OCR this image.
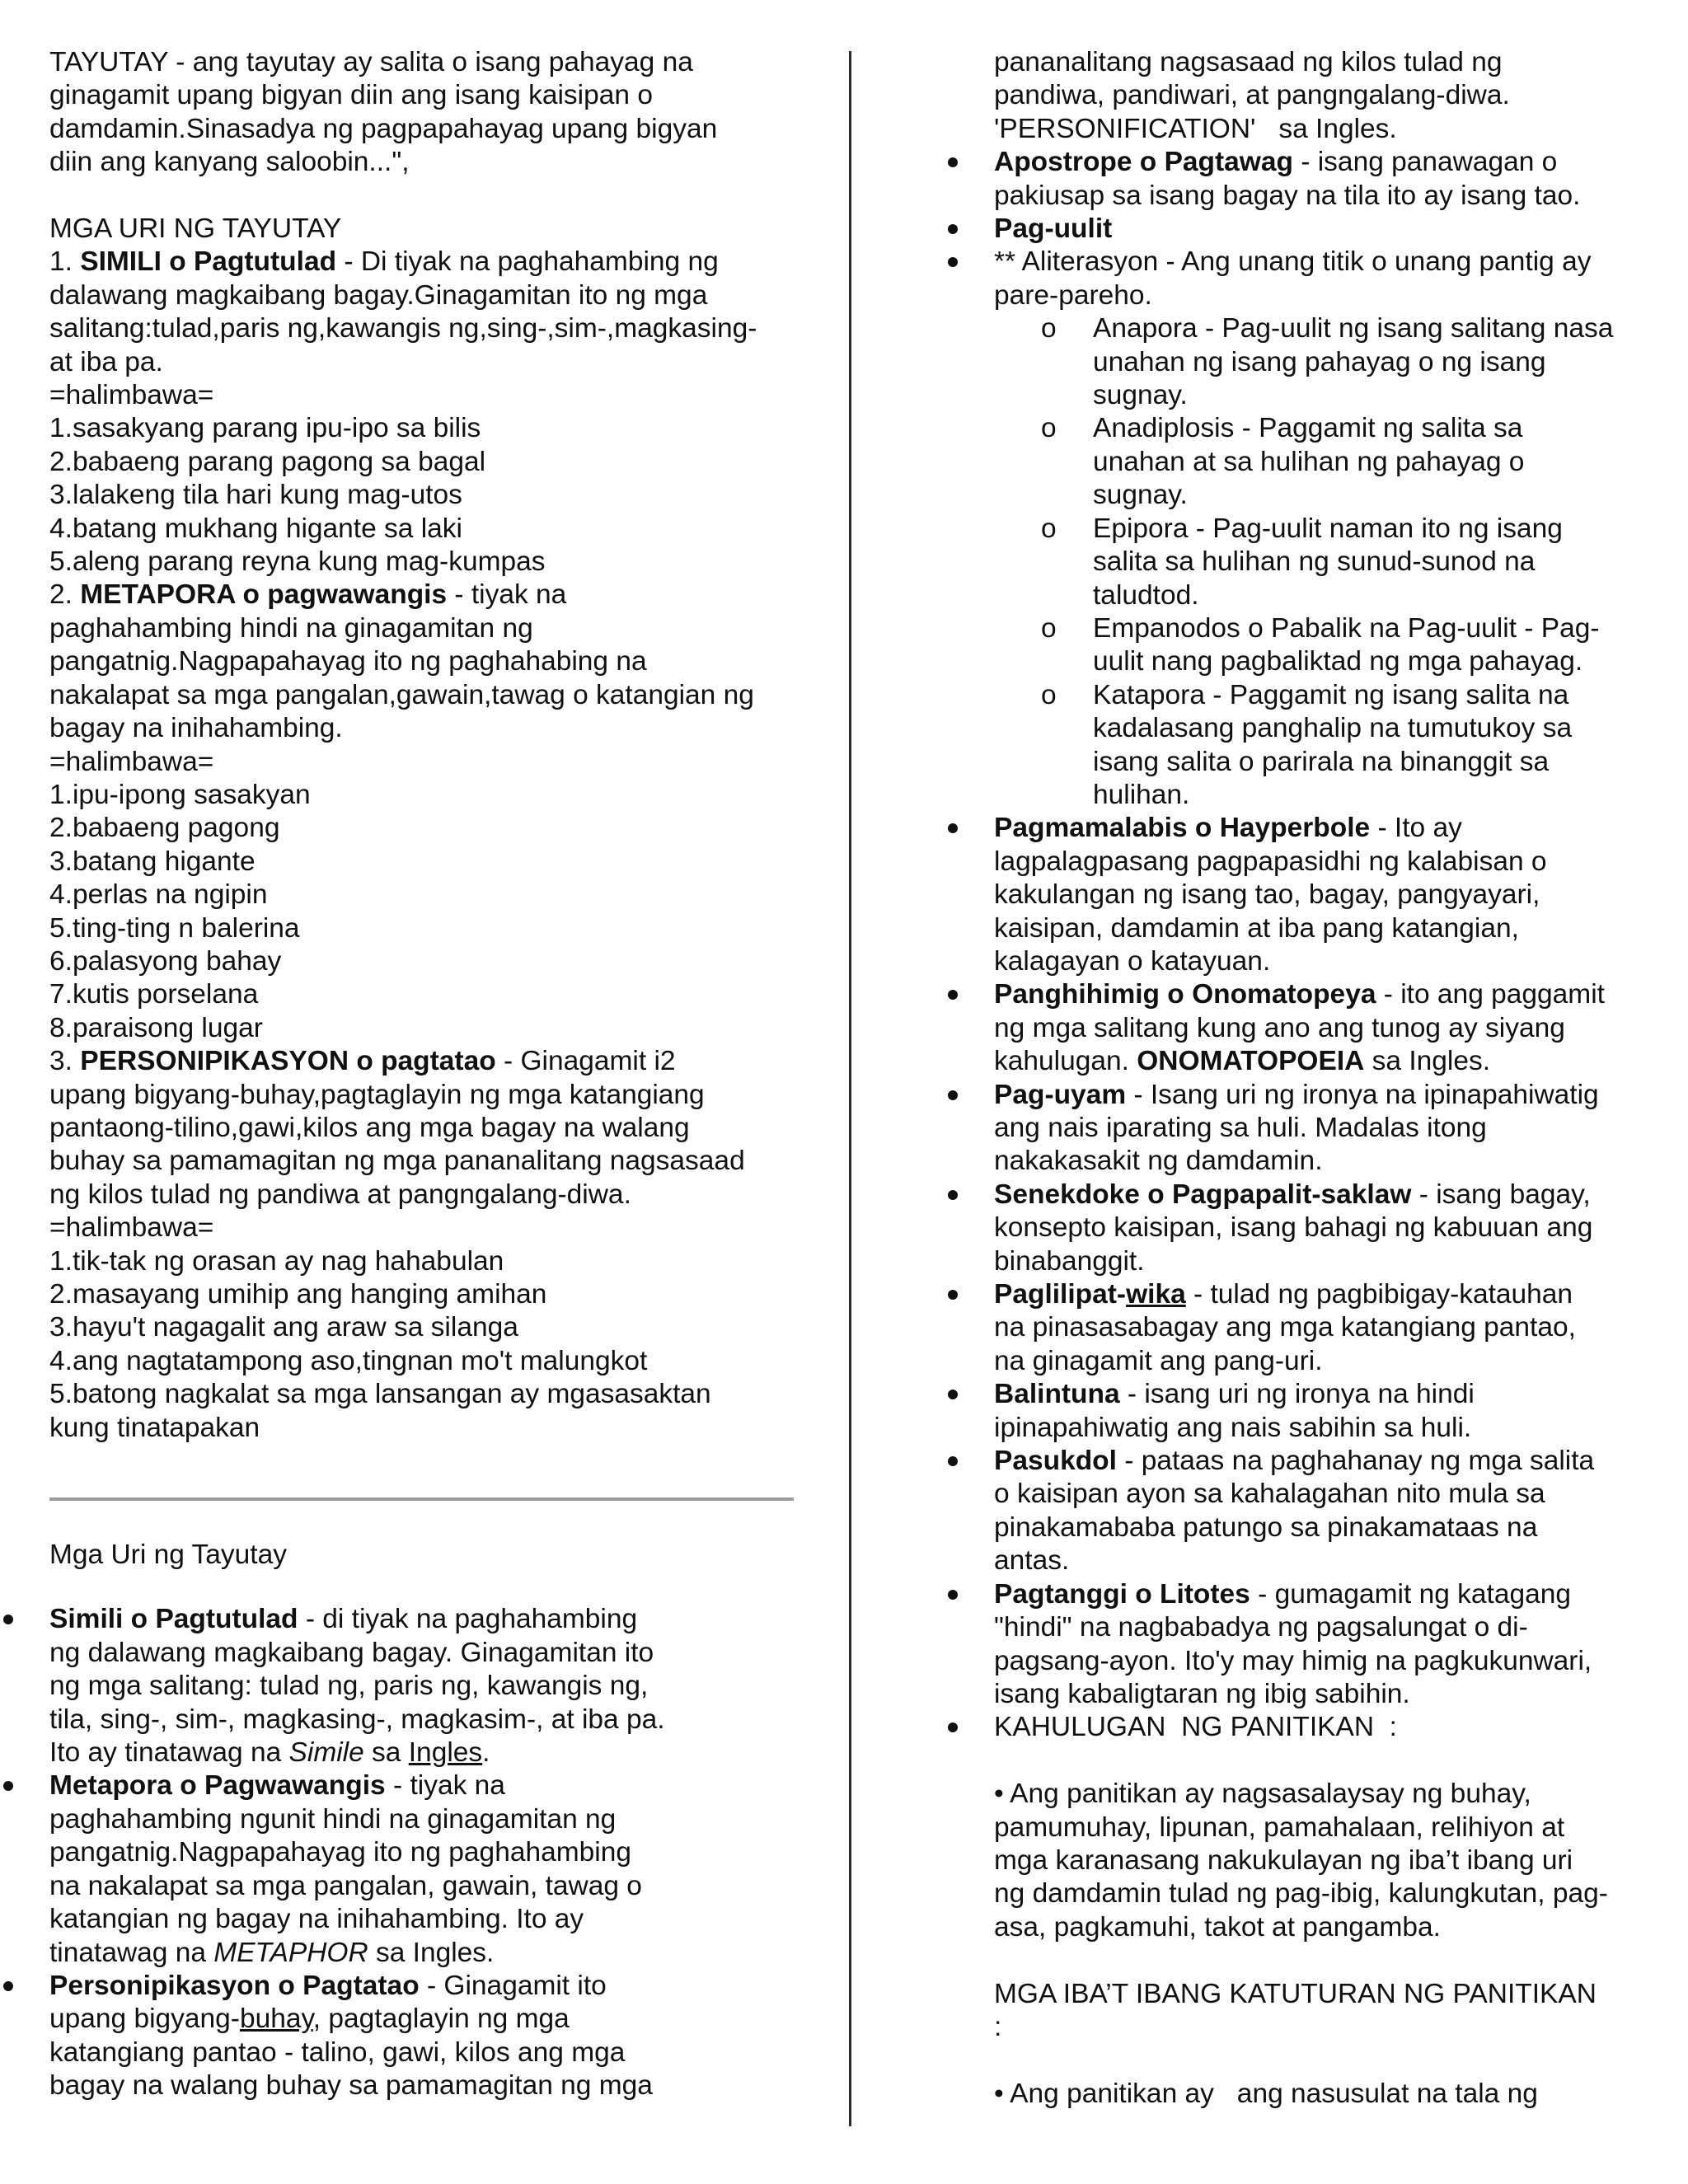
TAYUTAY - ang tayutay ay salita o isang pahayag na
ginagamit upang bigyan diin ang isang kaisipan o
damdamin.Sinasadya ng pagpapahayag upang bigyan
diin ang kanyang saloobin...",
MGA URI NG TAYUTAY
1. SIMILI o Pagtutulad - Di tiyak na paghahambing ng
dalawang magkaibang bagay.Ginagamitan ito ng mga
salitang:tulad,paris ng,kawangis ng,sing-,sim-,magkasing-
at iba pa.
=halimbawa=
1.sasakyang parang ipu-ipo sa bilis
2.babaeng parang pagong sa bagal
3.lalakeng tila hari kung mag-utos
4.batang mukhang higante sa laki
5.aleng parang reyna kung mag-kumpas
2. METAPORA o pagwawangis - tiyak na
paghahambing hindi na ginagamitan ng
pangatnig.Nagpapahayag ito ng paghahabing na
nakalapat sa mga pangalan,gawain,tawag o katangian ng
bagay na inihahambing.
=halimbawa=
1.ipu-ipong sasakyan
2.babaeng pagong
3.batang higante
4.perlas na ngipin
5.ting-ting n balerina
6.palasyong bahay
7.kutis porselana
8.paraisong lugar
3. PERSONIPIKASYON o pagtatao - Ginagamit i2
upang bigyang-buhay,pagtaglayin ng mga katangiang
pantaong-tilino,gawi,kilos ang mga bagay na walang
buhay sa pamamagitan ng mga pananalitang nagsasaad
ng kilos tulad ng pandiwa at pangngalang-diwa.
=halimbawa=
1.tik-tak ng orasan ay nag hahabulan
2.masayang umihip ang hanging amihan
3.hayu't nagagalit ang araw sa silanga
4.ang nagtatampong aso,tingnan mo't malungkot
5.batong nagkalat sa mga lansangan ay mgasasaktan
kung tinatapakan
Mga Uri ng Tayutay
Simili o Pagtutulad - di tiyak na paghahambing
ng dalawang magkaibang bagay. Ginagamitan ito
ng mga salitang: tulad ng, paris ng, kawangis ng,
tila, sing-, sim-, magkasing-, magkasim-, at iba pa.
Ito ay tinatawag na Simile sa Ingles.
Metapora o Pagwawangis - tiyak na
paghahambing ngunit hindi na ginagamitan ng
pangatnig.Nagpapahayag ito ng paghahambing
na nakalapat sa mga pangalan, gawain, tawag o
katangian ng bagay na inihahambing. Ito ay
tinatawag na METAPHOR sa Ingles.
Personipikasyon o Pagtatao - Ginagamit ito
upang bigyang-buhay, pagtaglayin ng mga
katangiang pantao - talino, gawi, kilos ang mga
bagay na walang buhay sa pamamagitan ng mga
pananalitang nagsasaad ng kilos tulad ng
pandiwa, pandiwari, at pangngalang-diwa.
'PERSONIFICATION'   sa Ingles.
Apostrope o Pagtawag - isang panawagan o
pakiusap sa isang bagay na tila ito ay isang tao.
Pag-uulit
** Aliterasyon - Ang unang titik o unang pantig ay
pare-pareho.
o Anapora - Pag-uulit ng isang salitang nasa
unahan ng isang pahayag o ng isang
sugnay.
o Anadiplosis - Paggamit ng salita sa
unahan at sa hulihan ng pahayag o
sugnay.
o Epipora - Pag-uulit naman ito ng isang
salita sa hulihan ng sunud-sunod na
taludtod.
o Empanodos o Pabalik na Pag-uulit - Pag-
uulit nang pagbaliktad ng mga pahayag.
o Katapora - Paggamit ng isang salita na
kadalasang panghalip na tumutukoy sa
isang salita o parirala na binanggit sa
hulihan.
Pagmamalabis o Hayperbole - Ito ay
lagpalagpasang pagpapasidhi ng kalabisan o
kakulangan ng isang tao, bagay, pangyayari,
kaisipan, damdamin at iba pang katangian,
kalagayan o katayuan.
Panghihimig o Onomatopeya - ito ang paggamit
ng mga salitang kung ano ang tunog ay siyang
kahulugan. ONOMATOPOEIA sa Ingles.
Pag-uyam - Isang uri ng ironya na ipinapahiwatig
ang nais iparating sa huli. Madalas itong
nakakasakit ng damdamin.
Senekdoke o Pagpapalit-saklaw - isang bagay,
konsepto kaisipan, isang bahagi ng kabuuan ang
binabanggit.
Paglilipat-wika - tulad ng pagbibigay-katauhan
na pinasasabagay ang mga katangiang pantao,
na ginagamit ang pang-uri.
Balintuna - isang uri ng ironya na hindi
ipinapahiwatig ang nais sabihin sa huli.
Pasukdol - pataas na paghahanay ng mga salita
o kaisipan ayon sa kahalagahan nito mula sa
pinakamababa patungo sa pinakamataas na
antas.
Pagtanggi o Litotes - gumagamit ng katagang
"hindi" na nagbabadya ng pagsalungat o di-
pagsang-ayon. Ito'y may himig na pagkukunwari,
isang kabaligtaran ng ibig sabihin.
KAHULUGAN  NG PANITIKAN  :
• Ang panitikan ay nagsasalaysay ng buhay,
pamumuhay, lipunan, pamahalaan, relihiyon at
mga karanasang nakukulayan ng iba’t ibang uri
ng damdamin tulad ng pag-ibig, kalungkutan, pag-
asa, pagkamuhi, takot at pangamba.
MGA IBA’T IBANG KATUTURAN NG PANITIKAN
:
• Ang panitikan ay   ang nasusulat na tala ng
